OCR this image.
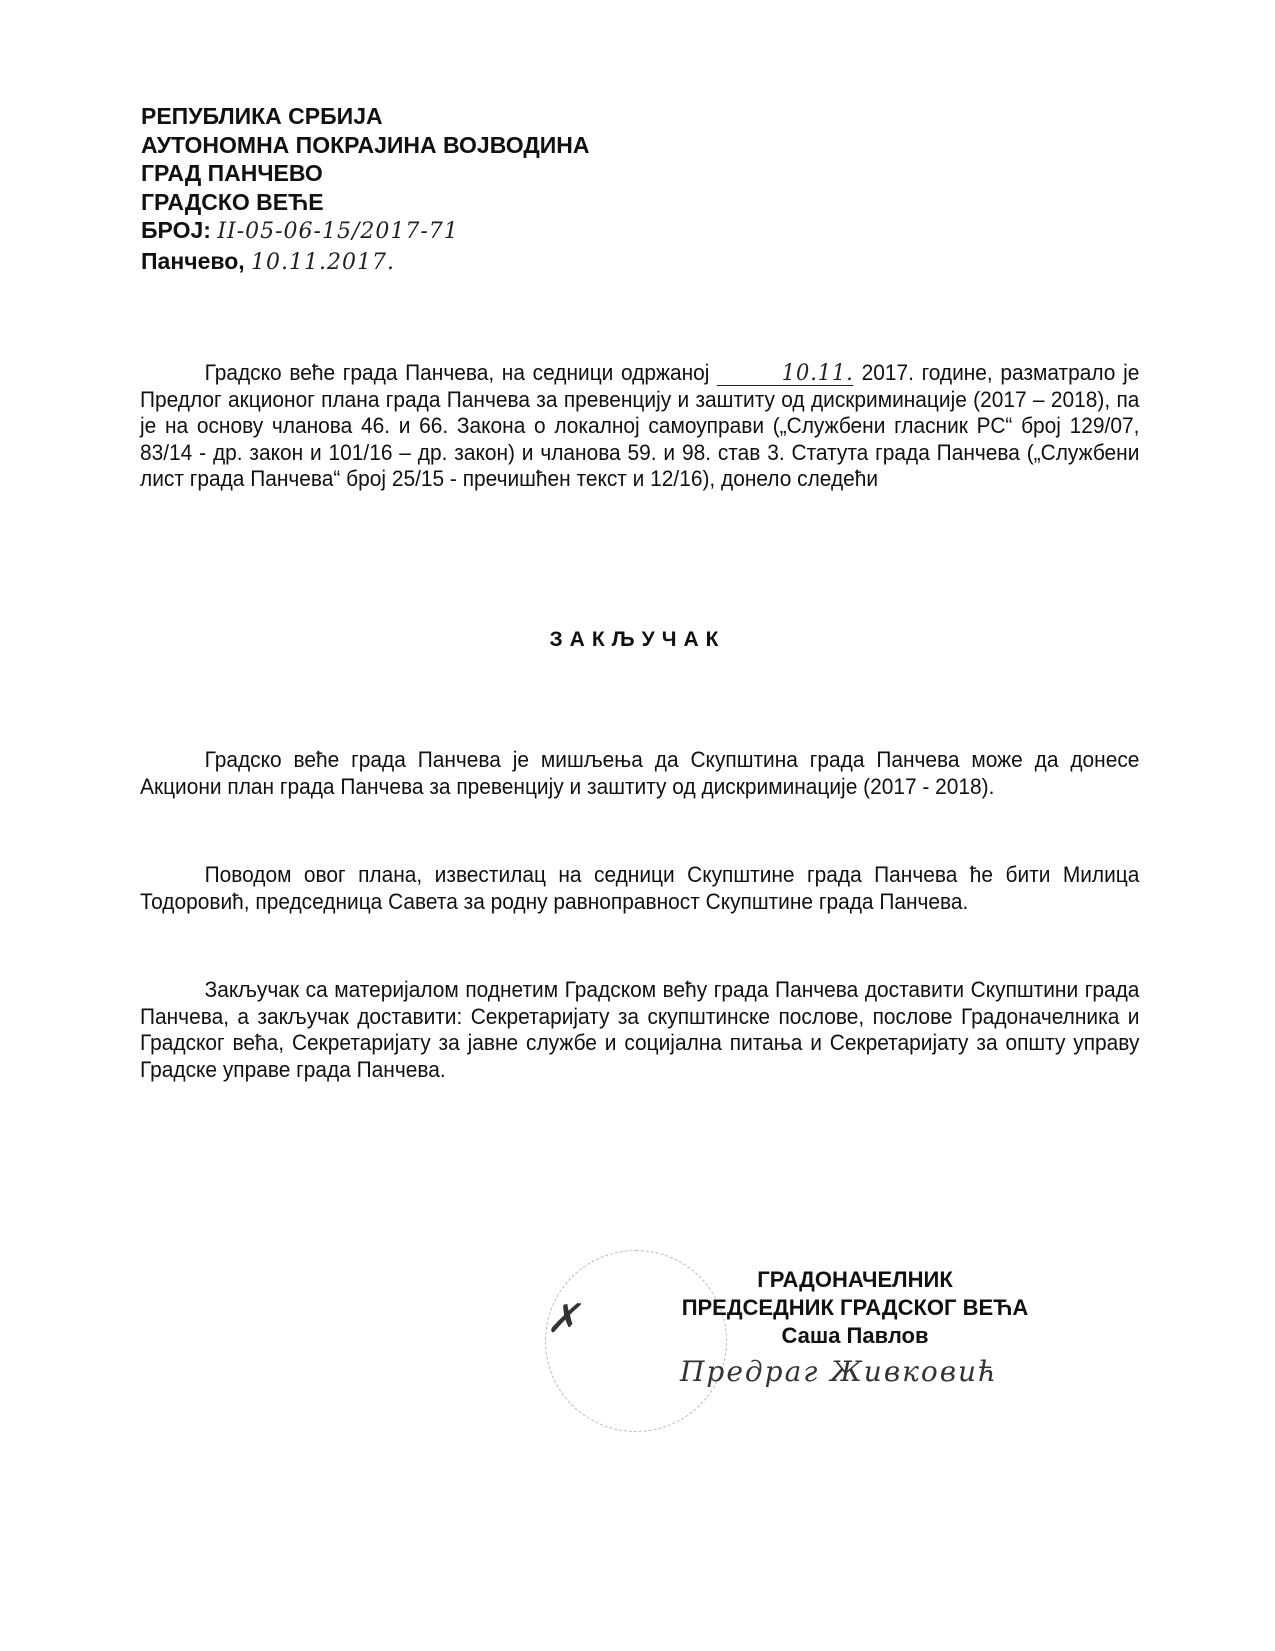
РЕПУБЛИКА СРБИЈА
АУТОНОМНА ПОКРАЈИНА ВОЈВОДИНА
ГРАД ПАНЧЕВО
ГРАДСКО ВЕЋЕ
БРОЈ: II-05-06-15/2017-71
Панчево, 10.11.2017.
Градско веће града Панчева, на седници одржаној	10.11. 2017. године, разматрало је Предлог акционог плана града Панчева за превенцију и заштиту од дискриминације (2017 – 2018), па је на основу чланова 46. и 66. Закона о локалној самоуправи („Службени гласник РС“ број 129/07, 83/14 - др. закон и 101/16 – др. закон) и чланова 59. и 98. став 3. Статута града Панчева („Службени лист града Панчева“ број 25/15 - пречишћен текст и 12/16), донело следећи
ЗАКЉУЧАК
Градско веће града Панчева је мишљења да Скупштина града Панчева може да донесе Акциони план града Панчева за превенцију и заштиту од дискриминације (2017 - 2018).
Поводом овог плана, известилац на седници Скупштине града Панчева ће бити Милица Тодоровић, председница Савета за родну равноправност Скупштине града Панчева.
Закључак са материјалом поднетим Градском већу града Панчева доставити Скупштини града Панчева, а закључак доставити: Секретаријату за скупштинске послове, послове Градоначелника и Градског већа, Секретаријату за јавне службе и социјална питања и Секретаријату за општу управу Градске управе града Панчева.
✗
ГРАДОНАЧЕЛНИК
ПРЕДСЕДНИК ГРАДСКОГ ВЕЋА
Саша Павлов
Предраг Живковић
